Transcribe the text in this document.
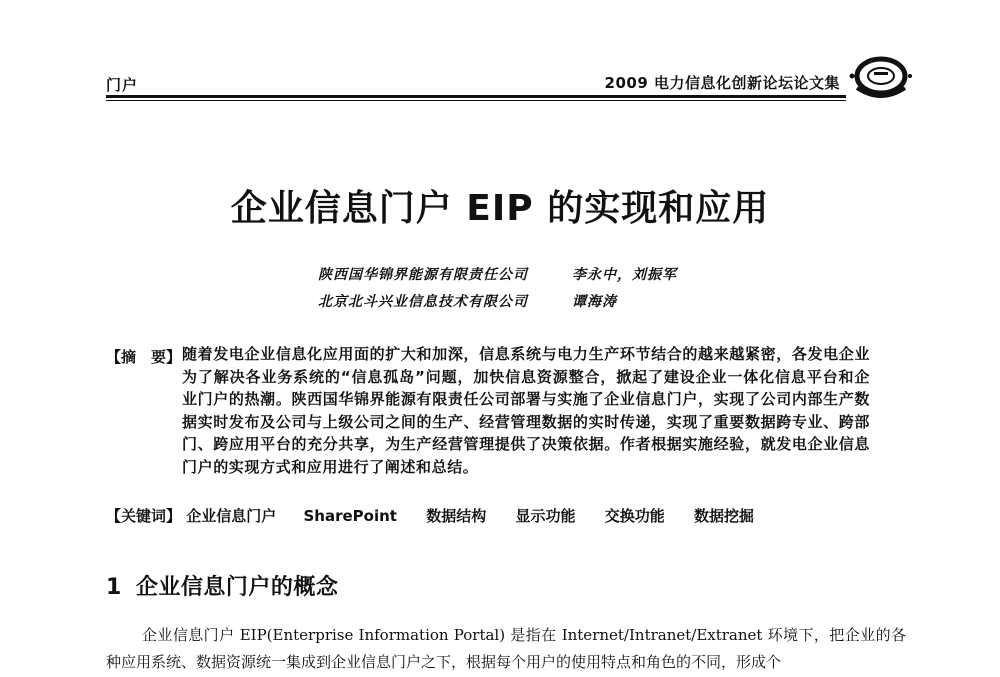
门户	2009 电力信息化创新论坛论文集
企业信息门户 EIP 的实现和应用
陕西国华锦界能源有限责任公司	李永中，刘振军
北京北斗兴业信息技术有限公司	谭海涛
【摘　要】 随着发电企业信息化应用面的扩大和加深，信息系统与电力生产环节结合的越来越紧密，各发电企业为了解决各业务系统的“信息孤岛”问题，加快信息资源整合，掀起了建设企业一体化信息平台和企业门户的热潮。陕西国华锦界能源有限责任公司部署与实施了企业信息门户，实现了公司内部生产数据实时发布及公司与上级公司之间的生产、经营管理数据的实时传递，实现了重要数据跨专业、跨部门、跨应用平台的充分共享，为生产经营管理提供了决策依据。作者根据实施经验，就发电企业信息门户的实现方式和应用进行了阐述和总结。
【关键词】 企业信息门户 SharePoint 数据结构 显示功能 交换功能 数据挖掘
1 企业信息门户的概念
企业信息门户 EIP(Enterprise Information Portal) 是指在 Internet/Intranet/Extranet 环境下，把企业的各种应用系统、数据资源统一集成到企业信息门户之下，根据每个用户的使用特点和角色的不同，形成个
